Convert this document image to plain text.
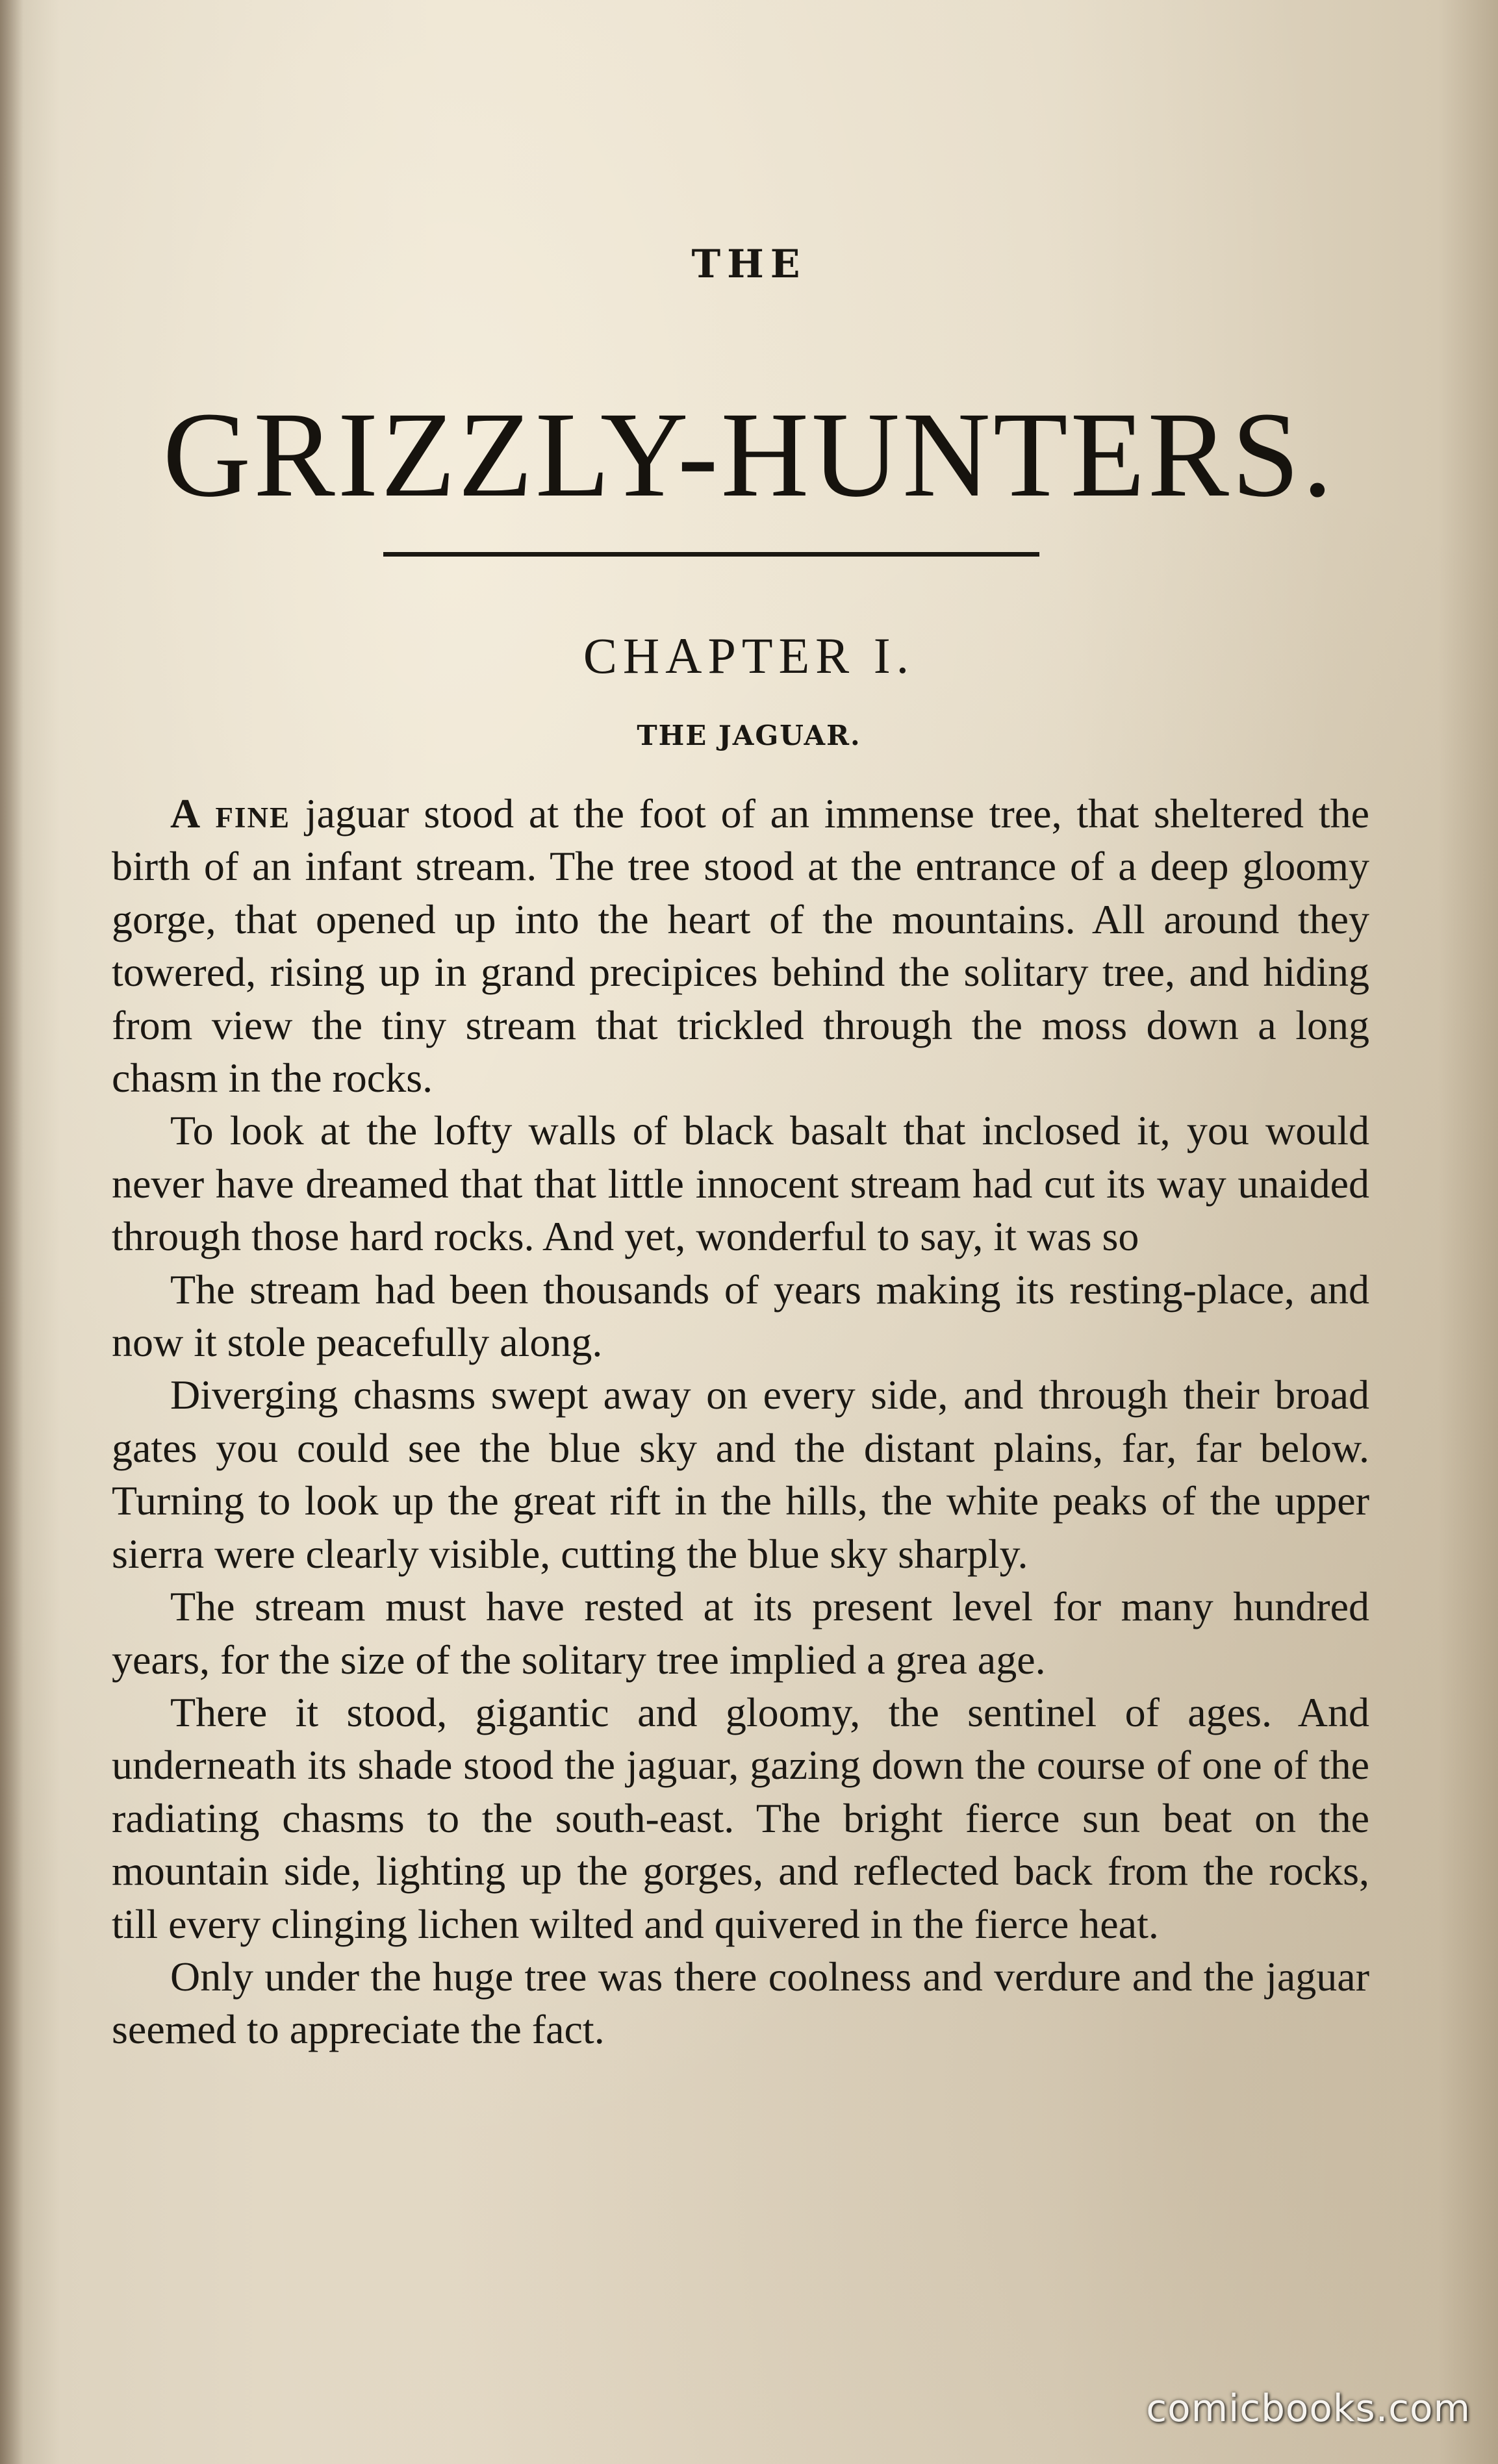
THE
GRIZZLY-HUNTERS.
CHAPTER I.
THE JAGUAR.

A fine jaguar stood at the foot of an immense tree, that sheltered the birth of an infant stream. The tree stood at the entrance of a deep gloomy gorge, that opened up into the heart of the mountains. All around they towered, rising up in grand precipices behind the solitary tree, and hiding from view the tiny stream that trickled through the moss down a long chasm in the rocks.

To look at the lofty walls of black basalt that inclosed it, you would never have dreamed that that little innocent stream had cut its way unaided through those hard rocks. And yet, wonderful to say, it was so

The stream had been thousands of years making its resting-place, and now it stole peacefully along.

Diverging chasms swept away on every side, and through their broad gates you could see the blue sky and the distant plains, far, far below. Turning to look up the great rift in the hills, the white peaks of the upper sierra were clearly visible, cutting the blue sky sharply.

The stream must have rested at its present level for many hundred years, for the size of the solitary tree implied a grea age.

There it stood, gigantic and gloomy, the sentinel of ages. And underneath its shade stood the jaguar, gazing down the course of one of the radiating chasms to the south-east. The bright fierce sun beat on the mountain side, lighting up the gorges, and reflected back from the rocks, till every clinging lichen wilted and quivered in the fierce heat.

Only under the huge tree was there coolness and verdure and the jaguar seemed to appreciate the fact.

comicbooks.com
